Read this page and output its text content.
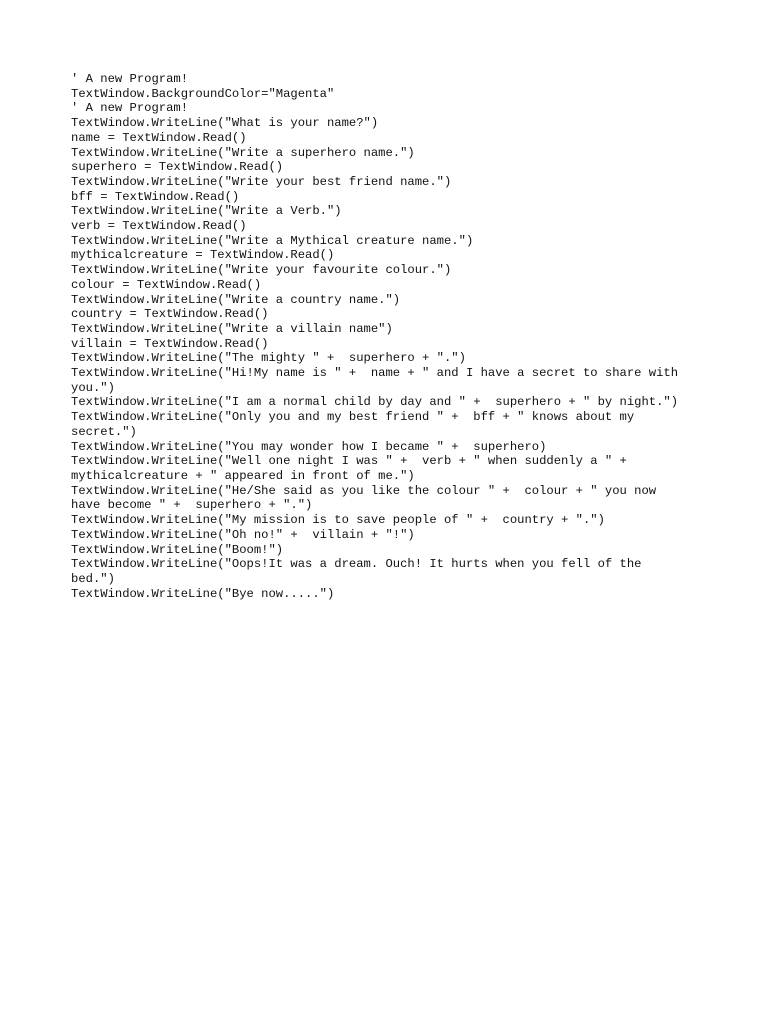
' A new Program!

TextWindow.BackgroundColor="Magenta"

' A new Program!

TextWindow.WriteLine("What is your name?")

name = TextWindow.Read()

TextWindow.WriteLine("Write a superhero name.")

superhero = TextWindow.Read()

TextWindow.WriteLine("Write your best friend name.")

bff = TextWindow.Read()

TextWindow.WriteLine("Write a Verb.")

verb = TextWindow.Read()

TextWindow.WriteLine("Write a Mythical creature name.")

mythicalcreature = TextWindow.Read()

TextWindow.WriteLine("Write your favourite colour.")

colour = TextWindow.Read()

TextWindow.WriteLine("Write a country name.")

country = TextWindow.Read()

TextWindow.WriteLine("Write a villain name")

villain = TextWindow.Read()

TextWindow.WriteLine("The mighty " +  superhero + ".")

TextWindow.WriteLine("Hi!My name is " +  name + " and I have a secret to share with

you.")

TextWindow.WriteLine("I am a normal child by day and " +  superhero + " by night.")

TextWindow.WriteLine("Only you and my best friend " +  bff + " knows about my

secret.")

TextWindow.WriteLine("You may wonder how I became " +  superhero)

TextWindow.WriteLine("Well one night I was " +  verb + " when suddenly a " +

mythicalcreature + " appeared in front of me.")

TextWindow.WriteLine("He/She said as you like the colour " +  colour + " you now

have become " +  superhero + ".")

TextWindow.WriteLine("My mission is to save people of " +  country + ".")

TextWindow.WriteLine("Oh no!" +  villain + "!")

TextWindow.WriteLine("Boom!")

TextWindow.WriteLine("Oops!It was a dream. Ouch! It hurts when you fell of the

bed.")

TextWindow.WriteLine("Bye now.....")
